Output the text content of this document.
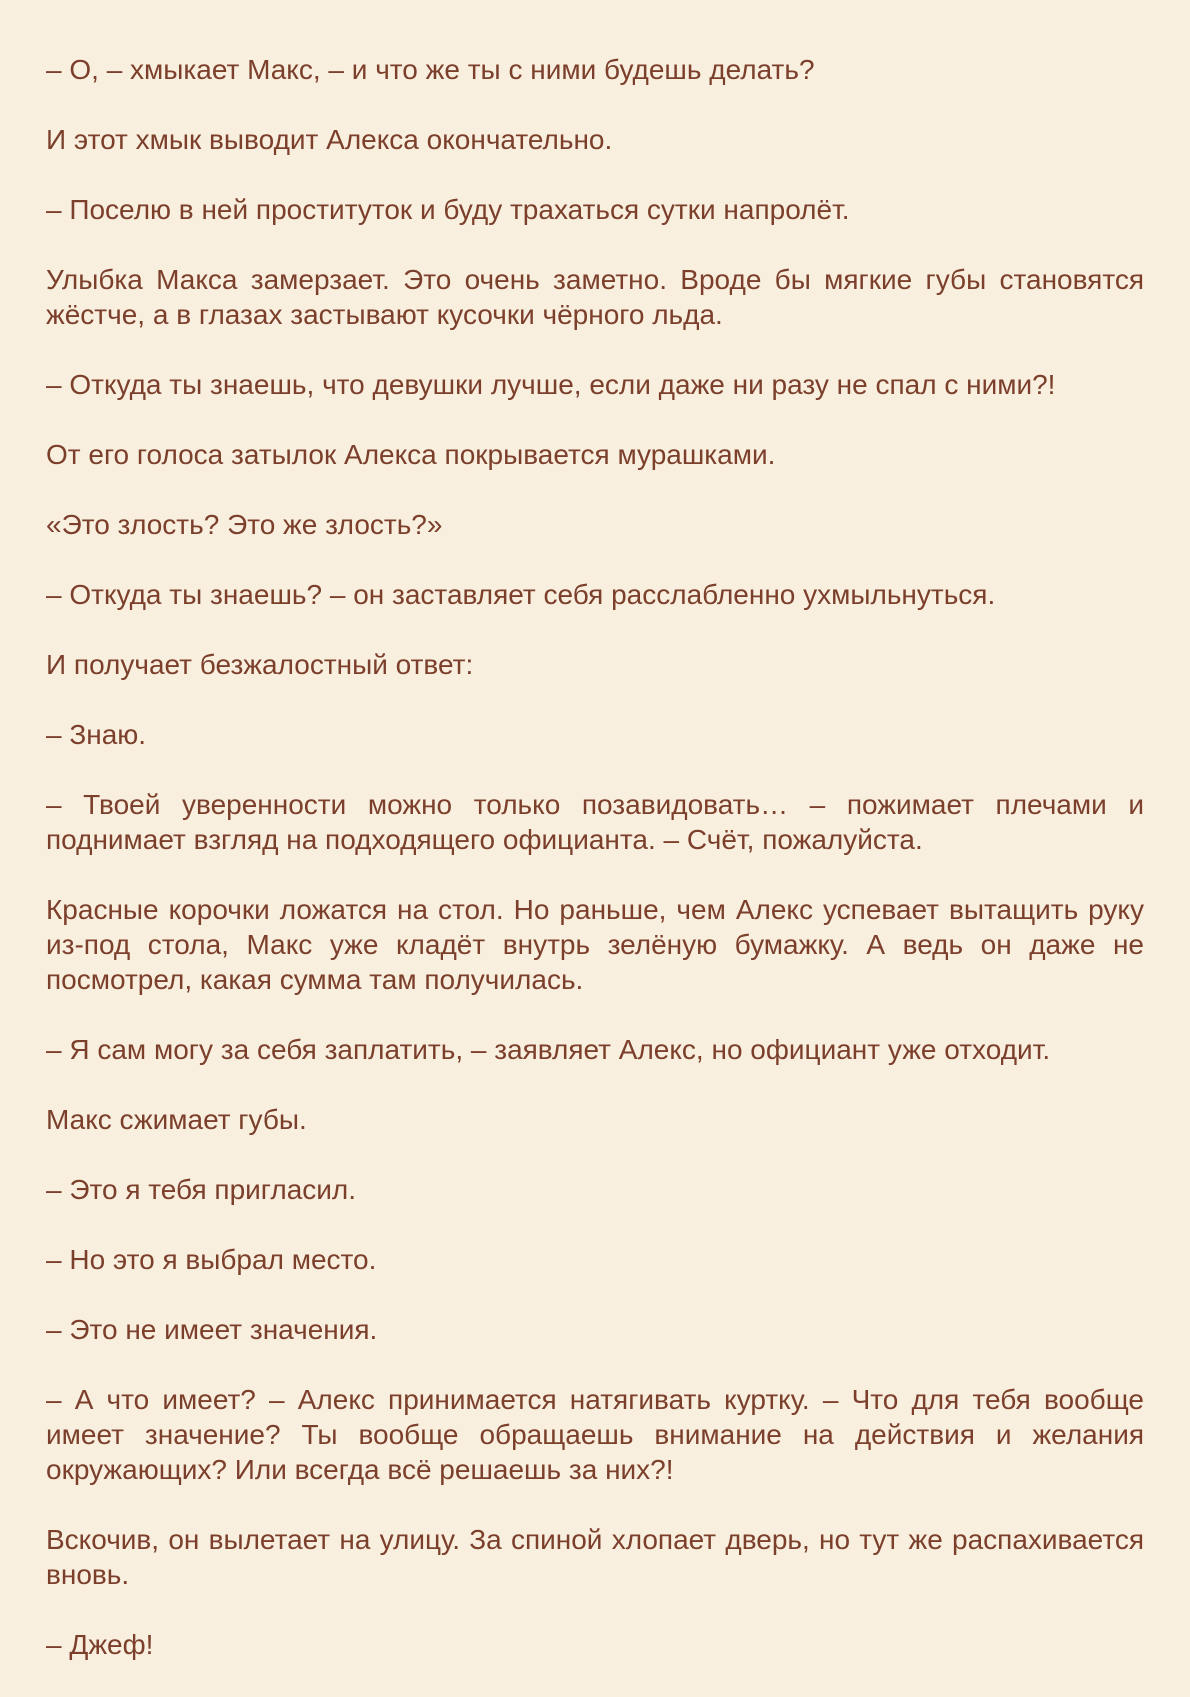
– О, – хмыкает Макс, – и что же ты с ними будешь делать?

И этот хмык выводит Алекса окончательно.

– Поселю в ней проституток и буду трахаться сутки напролёт.

Улыбка Макса замерзает. Это очень заметно. Вроде бы мягкие губы становятся жёстче, а в глазах застывают кусочки чёрного льда.

– Откуда ты знаешь, что девушки лучше, если даже ни разу не спал с ними?!

От его голоса затылок Алекса покрывается мурашками.

«Это злость? Это же злость?»

– Откуда ты знаешь? – он заставляет себя расслабленно ухмыльнуться.

И получает безжалостный ответ:

– Знаю.

– Твоей уверенности можно только позавидовать… – пожимает плечами и поднимает взгляд на подходящего официанта. – Счёт, пожалуйста.

Красные корочки ложатся на стол. Но раньше, чем Алекс успевает вытащить руку из-под стола, Макс уже кладёт внутрь зелёную бумажку. А ведь он даже не посмотрел, какая сумма там получилась.

– Я сам могу за себя заплатить, – заявляет Алекс, но официант уже отходит.

Макс сжимает губы.

– Это я тебя пригласил.

– Но это я выбрал место.

– Это не имеет значения.

– А что имеет? – Алекс принимается натягивать куртку. – Что для тебя вообще имеет значение? Ты вообще обращаешь внимание на действия и желания окружающих? Или всегда всё решаешь за них?!

Вскочив, он вылетает на улицу. За спиной хлопает дверь, но тут же распахивается вновь.

– Джеф!
